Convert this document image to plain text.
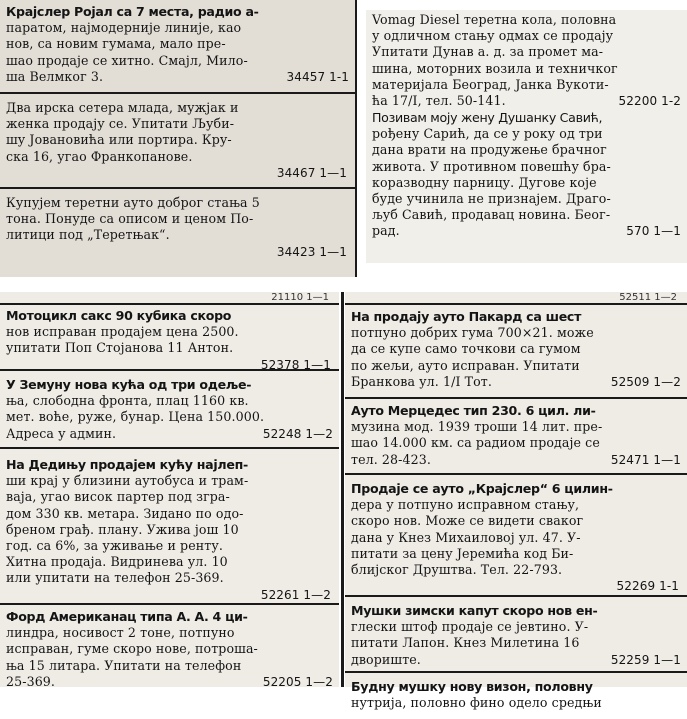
Крајслер Ројал са 7 места, радио а-
паратом, најмодерније линије, као
нов, са новим гумама, мало пре-
шао продаје се хитно. Смајл, Мило-
ша Велмког 3.	34457 1-1
Два ирска сетера млада, мужјак и
женка продају се. Упитати Љуби-
шу Јовановића или портира. Кру-
ска 16, угао Франкопанове.
34467 1—1
Купујем теретни ауто доброг стања 5
тона. Понуде са описом и ценом По-
литици под „Теретњак“.
34423 1—1
Vomag Diesel теретна кола, половна
у одличном стању одмах се продају
Упитати Дунав а. д. за промет ма-
шина, моторних возила и техничког
материјала Београд, Јанка Вукоти-
ћа 17/I, тел. 50-141.	52200 1-2
Позивам моју жену Душанку Савић,
рођену Сарић, да се у року од три
дана врати на продужење брачног
живота. У противном повешћу бра-
коразводну парницу. Дугове које
буде учинила не признајем. Драго-
љуб Савић, продавац новина. Беог-
рад.	570 1—1
21110 1—1
Мотоцикл сакс 90 кубика скоро
нов исправан продајем цена 2500.
упитати Поп Стојанова 11 Антон.
52378 1—1
У Земуну нова кућа од три одеље-
ња, слободна фронта, плац 1160 кв.
мет. воће, руже, бунар. Цена 150.000.
Адреса у админ.	52248 1—2
На Дедињу продајем кућу најлеп-
ши крај у близини аутобуса и трам-
ваја, угао висок партер под згра-
дом 330 кв. метара. Зидано по одо-
бреном грађ. плану. Ужива још 10
год. са 6%, за уживање и ренту.
Хитна продаја. Видринева ул. 10
или упитати на телефон 25-369.
52261 1—2
Форд Американац типа А. А. 4 ци-
линдра, носивост 2 тоне, потпуно
исправан, гуме скоро нове, потроша-
ња 15 литара. Упитати на телефон
25-369.	52205 1—2
52511 1—2
На продају ауто Пакард са шест
потпуно добрих гума 700×21. може
да се купе само точкови са гумом
по жељи, ауто исправан. Упитати
Бранкова ул. 1/I Тот.	52509 1—2
Ауто Мерцедес тип 230. 6 цил. ли-
музина мод. 1939 троши 14 лит. пре-
шао 14.000 км. са радиом продаје се
тел. 28-423.	52471 1—1
Продаје се ауто „Крајслер“ 6 цилин-
дера у потпуно исправном стању,
скоро нов. Може се видети сваког
дана у Кнез Михаиловој ул. 47. У-
питати за цену Јеремића код Би-
блијског Друштва. Тел. 22-793.
52269 1-1
Мушки зимски капут скоро нов ен-
глески штоф продаје се јевтино. У-
питати Лапон. Кнез Милетина 16
двориште.	52259 1—1
Будну мушку нову визон, половну
нутрија, половно фино одело средњи
